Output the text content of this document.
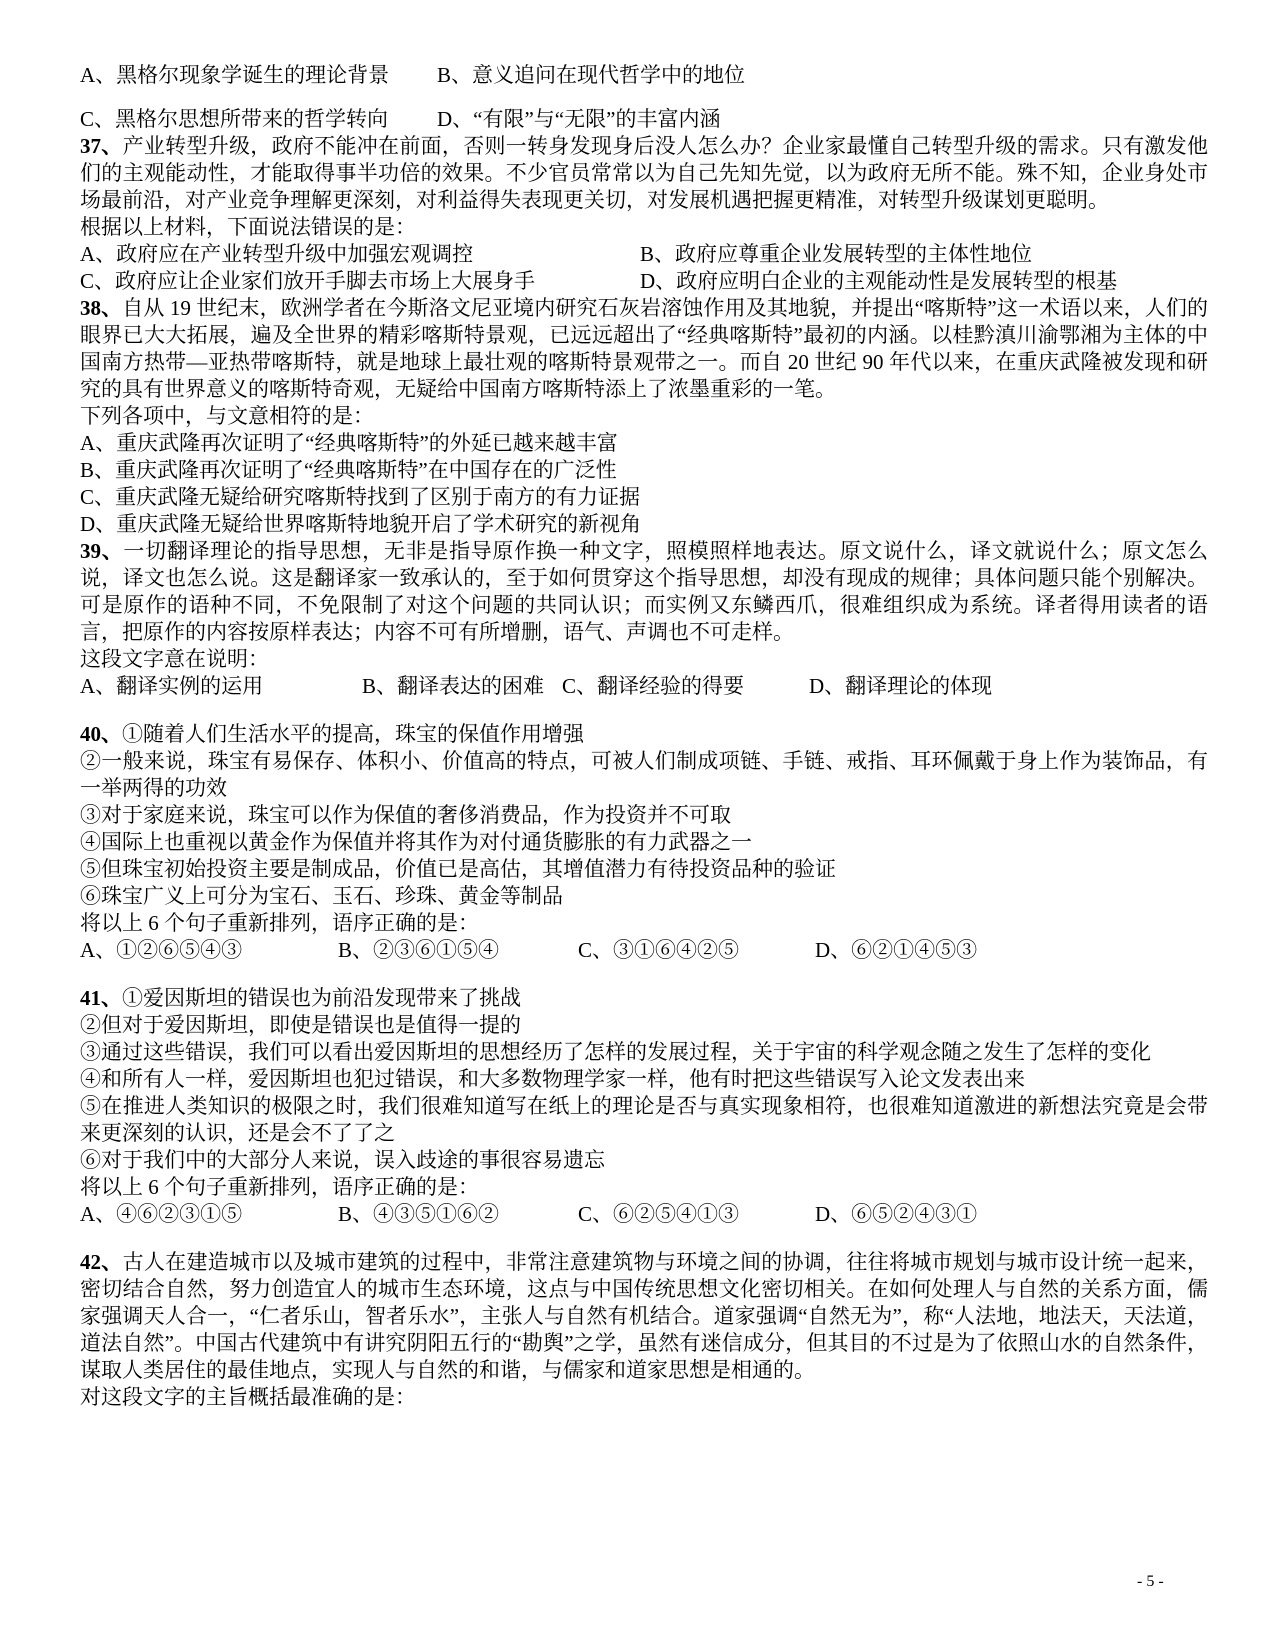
A、黑格尔现象学诞生的理论背景	B、意义追问在现代哲学中的地位
C、黑格尔思想所带来的哲学转向	D、“有限”与“无限”的丰富内涵

37、产业转型升级，政府不能冲在前面，否则一转身发现身后没人怎么办？企业家最懂自己转型升级的需求。只有激发他们的主观能动性，才能取得事半功倍的效果。不少官员常常以为自己先知先觉，以为政府无所不能。殊不知，企业身处市场最前沿，对产业竞争理解更深刻，对利益得失表现更关切，对发展机遇把握更精准，对转型升级谋划更聪明。

根据以上材料，下面说法错误的是：

A、政府应在产业转型升级中加强宏观调控	B、政府应尊重企业发展转型的主体性地位
C、政府应让企业家们放开手脚去市场上大展身手	D、政府应明白企业的主观能动性是发展转型的根基

38、自从 19 世纪末，欧洲学者在今斯洛文尼亚境内研究石灰岩溶蚀作用及其地貌，并提出“喀斯特”这一术语以来，人们的眼界已大大拓展，遍及全世界的精彩喀斯特景观，已远远超出了“经典喀斯特”最初的内涵。以桂黔滇川渝鄂湘为主体的中国南方热带—亚热带喀斯特，就是地球上最壮观的喀斯特景观带之一。而自 20 世纪 90 年代以来，在重庆武隆被发现和研究的具有世界意义的喀斯特奇观，无疑给中国南方喀斯特添上了浓墨重彩的一笔。

下列各项中，与文意相符的是：

A、重庆武隆再次证明了“经典喀斯特”的外延已越来越丰富

B、重庆武隆再次证明了“经典喀斯特”在中国存在的广泛性

C、重庆武隆无疑给研究喀斯特找到了区别于南方的有力证据

D、重庆武隆无疑给世界喀斯特地貌开启了学术研究的新视角

39、一切翻译理论的指导思想，无非是指导原作换一种文字，照模照样地表达。原文说什么，译文就说什么；原文怎么说，译文也怎么说。这是翻译家一致承认的，至于如何贯穿这个指导思想，却没有现成的规律；具体问题只能个别解决。可是原作的语种不同，不免限制了对这个问题的共同认识；而实例又东鳞西爪，很难组织成为系统。译者得用读者的语言，把原作的内容按原样表达；内容不可有所增删，语气、声调也不可走样。

这段文字意在说明：

A、翻译实例的运用	B、翻译表达的困难 C、翻译经验的得要	D、翻译理论的体现

40、①随着人们生活水平的提高，珠宝的保值作用增强

②一般来说，珠宝有易保存、体积小、价值高的特点，可被人们制成项链、手链、戒指、耳环佩戴于身上作为装饰品，有一举两得的功效

③对于家庭来说，珠宝可以作为保值的奢侈消费品，作为投资并不可取

④国际上也重视以黄金作为保值并将其作为对付通货膨胀的有力武器之一

⑤但珠宝初始投资主要是制成品，价值已是高估，其增值潜力有待投资品种的验证

⑥珠宝广义上可分为宝石、玉石、珍珠、黄金等制品

将以上 6 个句子重新排列，语序正确的是：

A、①②⑥⑤④③	B、②③⑥①⑤④	C、③①⑥④②⑤	D、⑥②①④⑤③

41、①爱因斯坦的错误也为前沿发现带来了挑战

②但对于爱因斯坦，即使是错误也是值得一提的

③通过这些错误，我们可以看出爱因斯坦的思想经历了怎样的发展过程，关于宇宙的科学观念随之发生了怎样的变化

④和所有人一样，爱因斯坦也犯过错误，和大多数物理学家一样，他有时把这些错误写入论文发表出来

⑤在推进人类知识的极限之时，我们很难知道写在纸上的理论是否与真实现象相符，也很难知道激进的新想法究竟是会带来更深刻的认识，还是会不了了之

⑥对于我们中的大部分人来说，误入歧途的事很容易遗忘

将以上 6 个句子重新排列，语序正确的是：

A、④⑥②③①⑤	B、④③⑤①⑥②	C、⑥②⑤④①③	D、⑥⑤②④③①

42、古人在建造城市以及城市建筑的过程中，非常注意建筑物与环境之间的协调，往往将城市规划与城市设计统一起来，密切结合自然，努力创造宜人的城市生态环境，这点与中国传统思想文化密切相关。在如何处理人与自然的关系方面，儒家强调天人合一，“仁者乐山，智者乐水”，主张人与自然有机结合。道家强调“自然无为”，称“人法地，地法天，天法道，道法自然”。中国古代建筑中有讲究阴阳五行的“勘舆”之学，虽然有迷信成分，但其目的不过是为了依照山水的自然条件，谋取人类居住的最佳地点，实现人与自然的和谐，与儒家和道家思想是相通的。

对这段文字的主旨概括最准确的是：

- 5 -
